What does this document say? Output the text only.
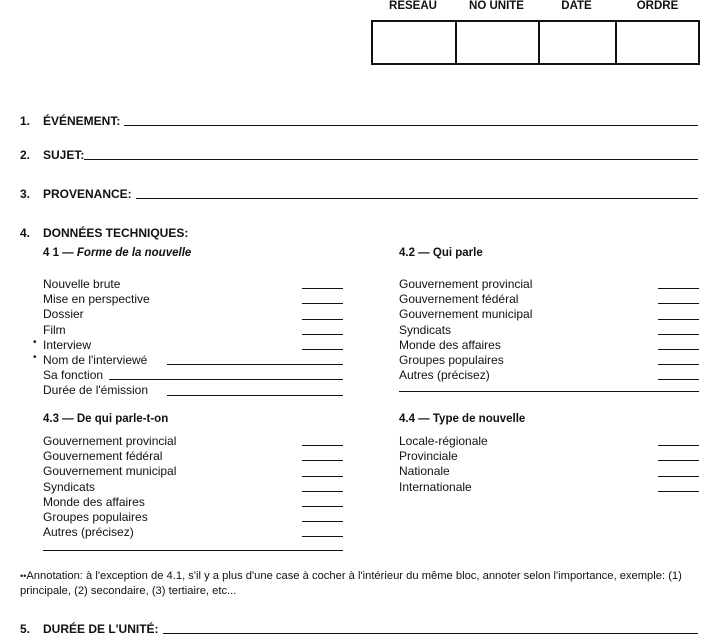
RÉSEAU	NO UNITÉ	DATE	ORDRE
1.	ÉVÉNEMENT:
2.	SUJET:
3.	PROVENANCE:
4.	DONNÉES TECHNIQUES:
4 1 — Forme de la nouvelle
Nouvelle brute
Mise en perspective
Dossier
Film
• Interview
• Nom de l'interviewé
Sa fonction
Durée de l'émission
4.2 — Qui parle
Gouvernement provincial
Gouvernement fédéral
Gouvernement municipal
Syndicats
Monde des affaires
Groupes populaires
Autres (précisez)
4.3 — De qui parle-t-on
Gouvernement provincial
Gouvernement fédéral
Gouvernement municipal
Syndicats
Monde des affaires
Groupes populaires
Autres (précisez)
4.4 — Type de nouvelle
Locale-régionale
Provinciale
Nationale
Internationale
••Annotation: à l'exception de 4.1, s'il y a plus d'une case à cocher à l'intérieur du même bloc, annoter selon l'importance, exemple: (1) principale, (2) secondaire, (3) tertiaire, etc...
5.	DURÉE DE L'UNITÉ:
